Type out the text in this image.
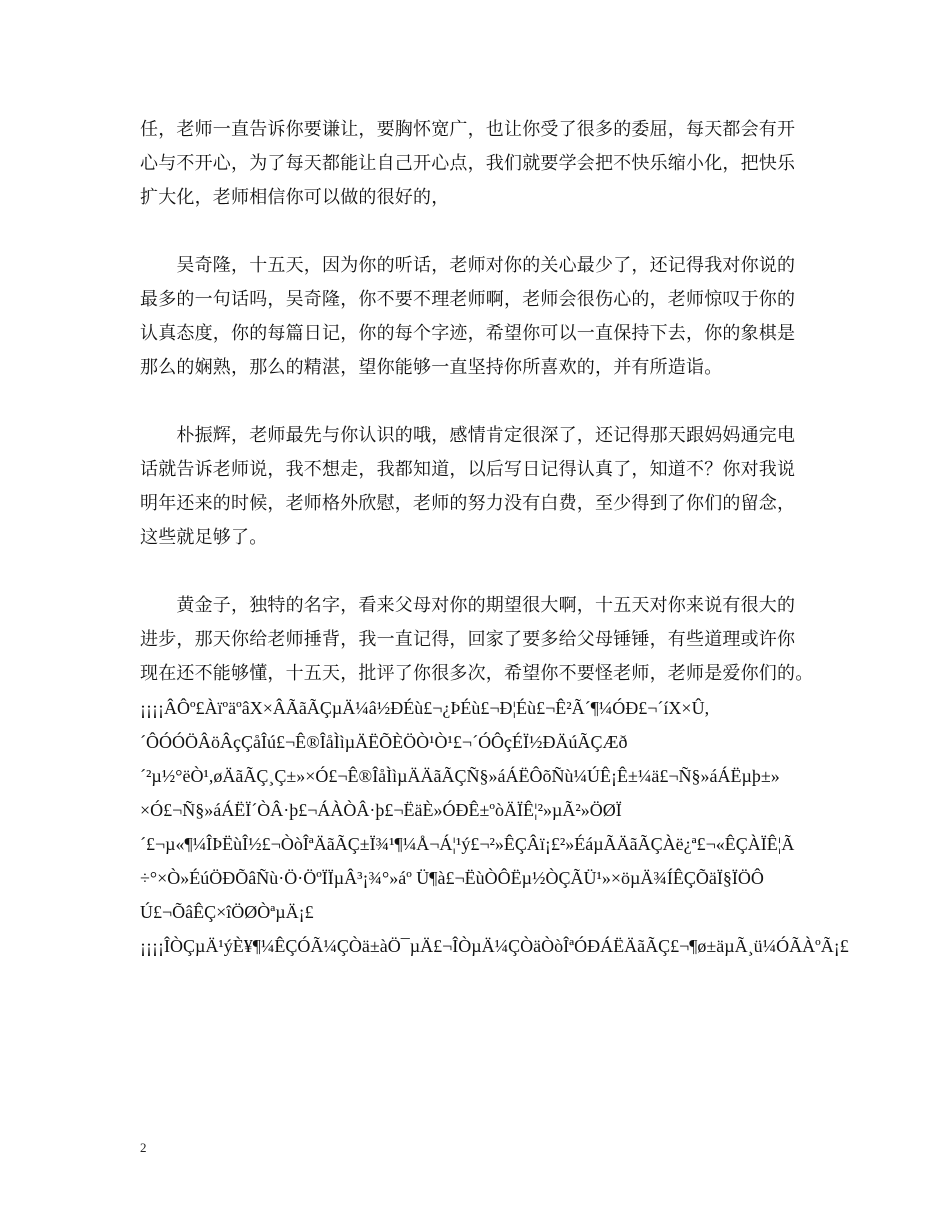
任，老师一直告诉你要谦让，要胸怀宽广，也让你受了很多的委屈，每天都会有开
心与不开心，为了每天都能让自己开心点，我们就要学会把不快乐缩小化，把快乐
扩大化，老师相信你可以做的很好的，
　　吴奇隆，十五天，因为你的听话，老师对你的关心最少了，还记得我对你说的
最多的一句话吗，吴奇隆，你不要不理老师啊，老师会很伤心的，老师惊叹于你的
认真态度，你的每篇日记，你的每个字迹，希望你可以一直保持下去，你的象棋是
那么的娴熟，那么的精湛，望你能够一直坚持你所喜欢的，并有所造诣。
　　朴振辉，老师最先与你认识的哦，感情肯定很深了，还记得那天跟妈妈通完电
话就告诉老师说，我不想走，我都知道，以后写日记得认真了，知道不？你对我说
明年还来的时候，老师格外欣慰，老师的努力没有白费，至少得到了你们的留念，
这些就足够了。
　　黄金子，独特的名字，看来父母对你的期望很大啊，十五天对你来说有很大的
进步，那天你给老师捶背，我一直记得，回家了要多给父母锤锤，有些道理或许你
现在还不能够懂，十五天，批评了你很多次，希望你不要怪老师，老师是爱你们的。
¡¡¡¡ÂÔº£ÀïºäºâX×ÂÃãÃÇµÄ¼â½ÐÉù£¬¿ÞÉù£¬Ð¦Éù£¬Ê²Ã´¶¼ÓÐ£¬´íX×Û,
´ÔÓÓÖÂöÂçÇåÎú£¬Ê®ÎåÌìµÄËÕÈÖÒ¹Ò¹£¬´ÓÔçÉÏ½ÐÄúÃÇÆð
´²µ½°ëÒ¹,øÄãÃÇ¸Ç±»×Ó£¬Ê®ÎåÌìµÄÄãÃÇÑ§»áÁËÔõÑù¼ÚÊ¡Ê±¼ä£¬Ñ§»áÁËµþ±»
×Ó£¬Ñ§»áÁËÏ´ÒÂ·þ£¬ÁÀÒÂ·þ£¬ËäÈ»ÓÐÊ±ºòÄÏÊ¦²»µÃ²»ÖØÏ
´£¬µ«¶¼ÎÞËùÎ½£¬ÒòÎªÄãÃÇ±Ï¾¹¶¼Å¬Á¦¹ý£¬²»ÊÇÂï¡£²»ÉáµÃÄãÃÇÀë¿ª£¬«ÊÇÀÏÊ¦Ã
÷°×Ò»ÉúÖÐÕâÑù·Ö·ÖºÏÏµÂ³¡¾°»áº Ü¶à£¬ËùÒÔËµ½ÒÇÃÜ¹»×öµÄ¾ÍÊÇÕäÏ§ÏÖÔ
Ú£¬ÕâÊÇ×îÖØÒªµÄ¡£
¡¡¡¡ÎÒÇµÄ¹ýÈ¥¶¼ÊÇÓÃ¼ÇÒä±àÖ¯µÄ£¬ÎÒµÄ¼ÇÒäÒòÎªÓÐÁËÄãÃÇ£¬¶ø±äµÃ¸ü¼ÓÃÀºÃ¡£
2
